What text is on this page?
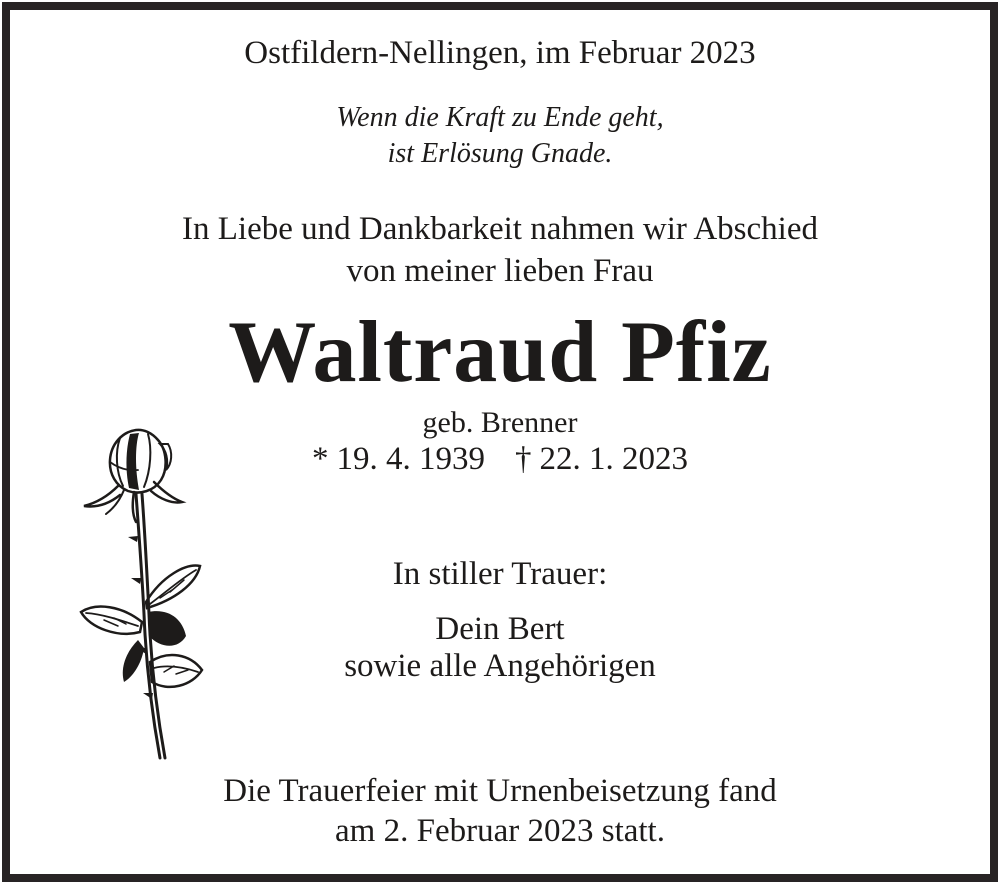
Ostfildern-Nellingen, im Februar 2023
Wenn die Kraft zu Ende geht,
ist Erlösung Gnade.
In Liebe und Dankbarkeit nahmen wir Abschied
von meiner lieben Frau
Waltraud Pfiz
geb. Brenner
* 19. 4. 1939 † 22. 1. 2023
In stiller Trauer:
Dein Bert
sowie alle Angehörigen
Die Trauerfeier mit Urnenbeisetzung fand
am 2. Februar 2023 statt.
